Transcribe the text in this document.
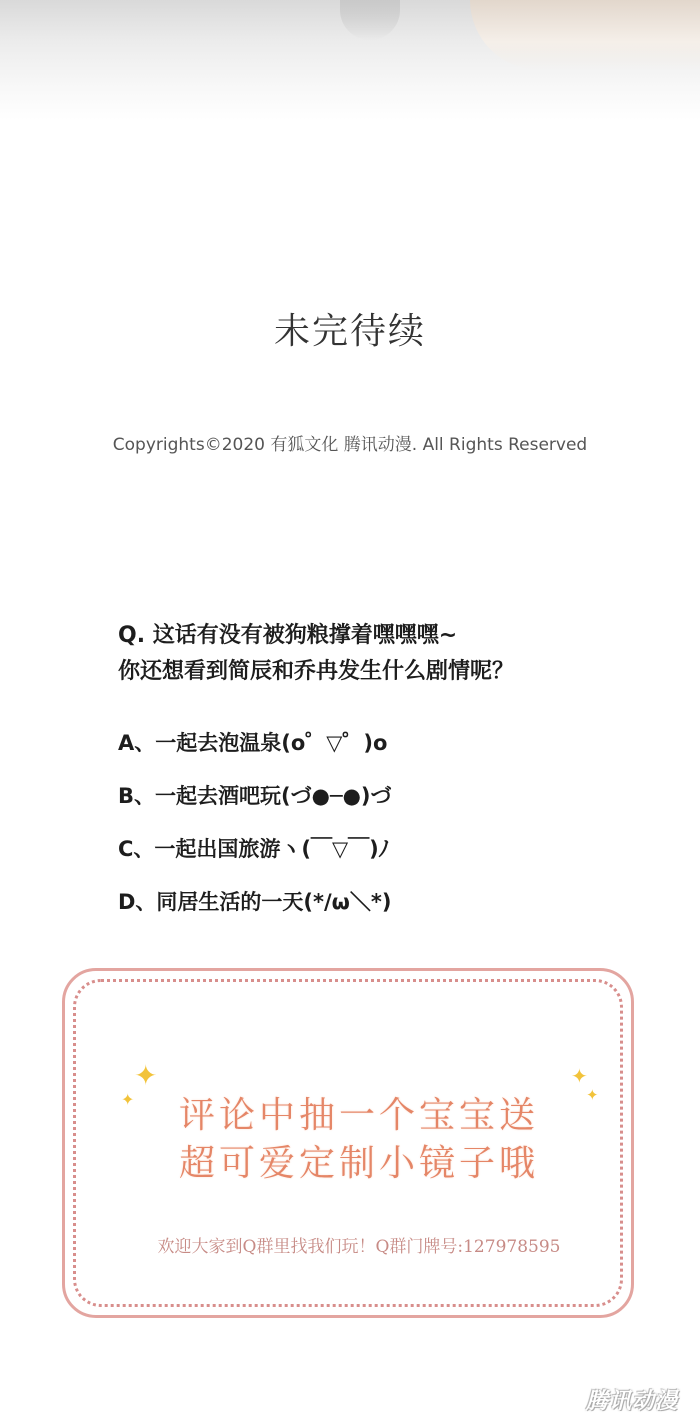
未完待续
Copyrights©2020 有狐文化 腾讯动漫. All Rights Reserved
Q. 这话有没有被狗粮撑着嘿嘿嘿~
你还想看到简辰和乔冉发生什么剧情呢？
A、一起去泡温泉(o゜▽゜)o
B、一起去酒吧玩(づ●─●)づ
C、一起出国旅游ヽ(￣▽￣)ﾉ
D、同居生活的一天(*/ω＼*)
✦
✦
✦
✦
评论中抽一个宝宝送
超可爱定制小镜子哦
欢迎大家到Q群里找我们玩！Q群门牌号:127978595
腾讯动漫
